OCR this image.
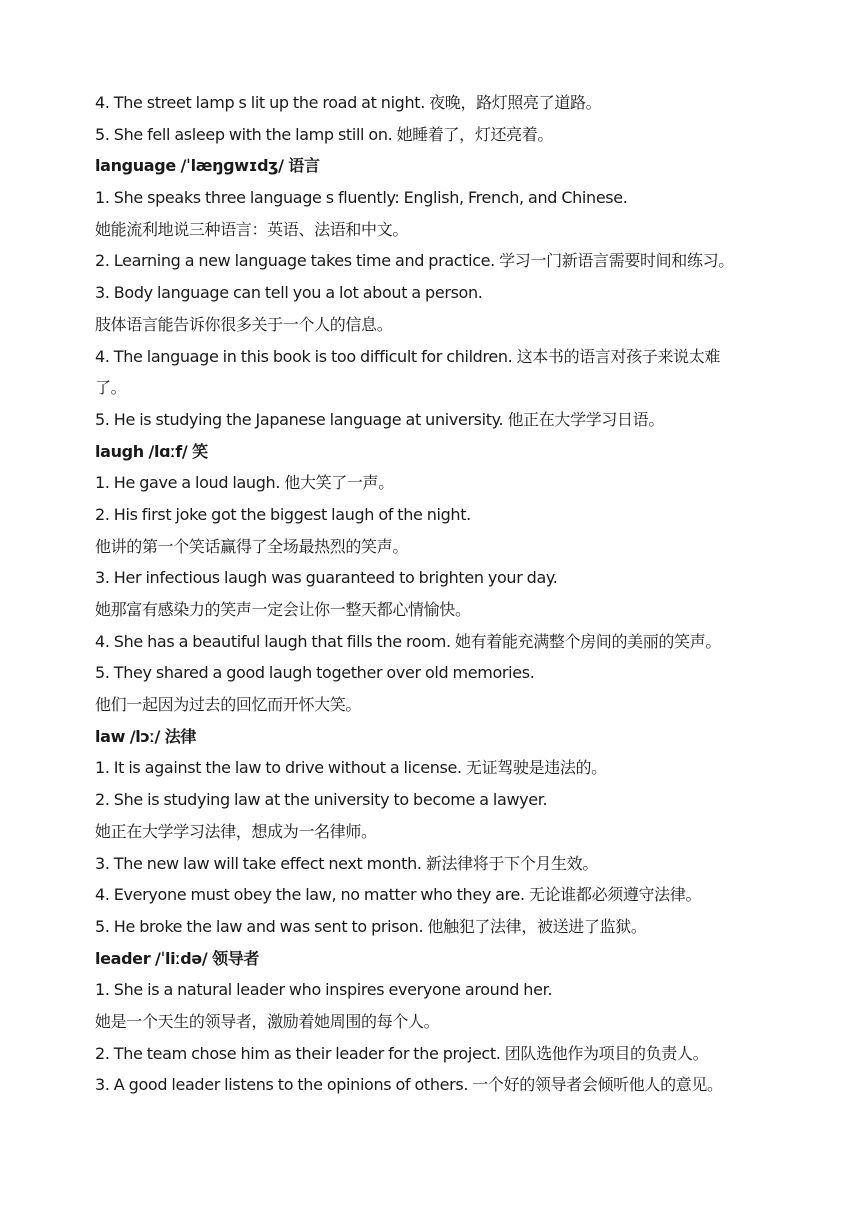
4. The street lamp s lit up the road at night. 夜晚，路灯照亮了道路。
5. She fell asleep with the lamp still on. 她睡着了，灯还亮着。
language /ˈlæŋɡwɪdʒ/ 语言
1. She speaks three language s fluently: English, French, and Chinese.
她能流利地说三种语言：英语、法语和中文。
2. Learning a new language takes time and practice. 学习一门新语言需要时间和练习。
3. Body language can tell you a lot about a person.
肢体语言能告诉你很多关于一个人的信息。
4. The language in this book is too difficult for children. 这本书的语言对孩子来说太难
了。
5. He is studying the Japanese language at university. 他正在大学学习日语。
laugh /lɑːf/ 笑
1. He gave a loud laugh. 他大笑了一声。
2. His first joke got the biggest laugh of the night.
他讲的第一个笑话赢得了全场最热烈的笑声。
3. Her infectious laugh was guaranteed to brighten your day.
她那富有感染力的笑声一定会让你一整天都心情愉快。
4. She has a beautiful laugh that fills the room. 她有着能充满整个房间的美丽的笑声。
5. They shared a good laugh together over old memories.
他们一起因为过去的回忆而开怀大笑。
law /lɔː/ 法律
1. It is against the law to drive without a license. 无证驾驶是违法的。
2. She is studying law at the university to become a lawyer.
她正在大学学习法律，想成为一名律师。
3. The new law will take effect next month. 新法律将于下个月生效。
4. Everyone must obey the law, no matter who they are. 无论谁都必须遵守法律。
5. He broke the law and was sent to prison. 他触犯了法律，被送进了监狱。
leader /ˈliːdə/ 领导者
1. She is a natural leader who inspires everyone around her.
她是一个天生的领导者，激励着她周围的每个人。
2. The team chose him as their leader for the project. 团队选他作为项目的负责人。
3. A good leader listens to the opinions of others. 一个好的领导者会倾听他人的意见。
